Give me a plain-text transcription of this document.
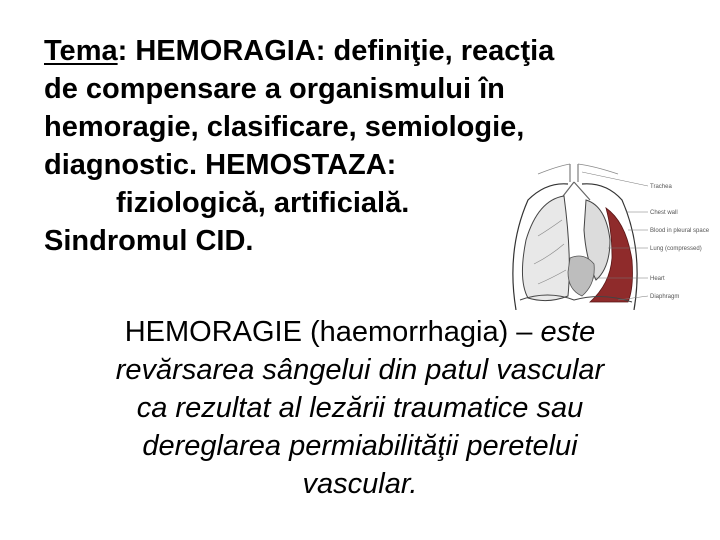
Tema: HEMORAGIA: definiţie, reacţia
de compensare a organismului în
hemoragie, clasificare, semiologie,
diagnostic. HEMOSTAZA:
fiziologică, artificială.
Sindromul CID.
Trachea
Chest wall
Blood in pleural space
Lung (compressed)
Heart
Diaphragm
HEMORAGIE (haemorrhagia) – este
revărsarea sângelui din patul vascular
ca rezultat al lezării traumatice sau
dereglarea permiabilităţii peretelui
vascular.
